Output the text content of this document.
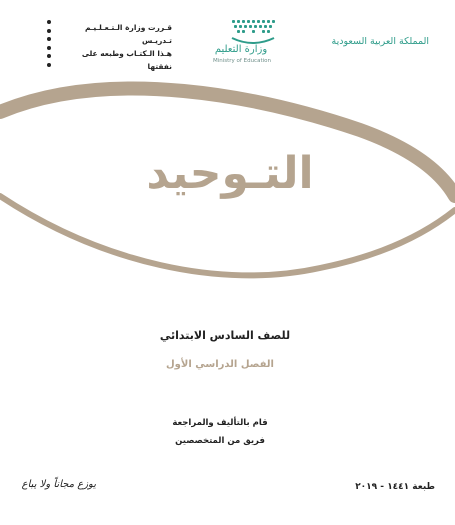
المملكة العربية السعودية
وزارة التعليم
Ministry of Education
قـررت وزارة الـتـعـلـيـم تـدريـس
هـذا الـكتـاب وطبعه على نفقتها
التـوحيد
للصف السادس الابتدائي
الفصل الدراسي الأول
قام بالتأليف والمراجعة
فريق من المتخصصين
يوزع مجاناً ولا يباع	طبعة ١٤٤١ - ٢٠١٩
